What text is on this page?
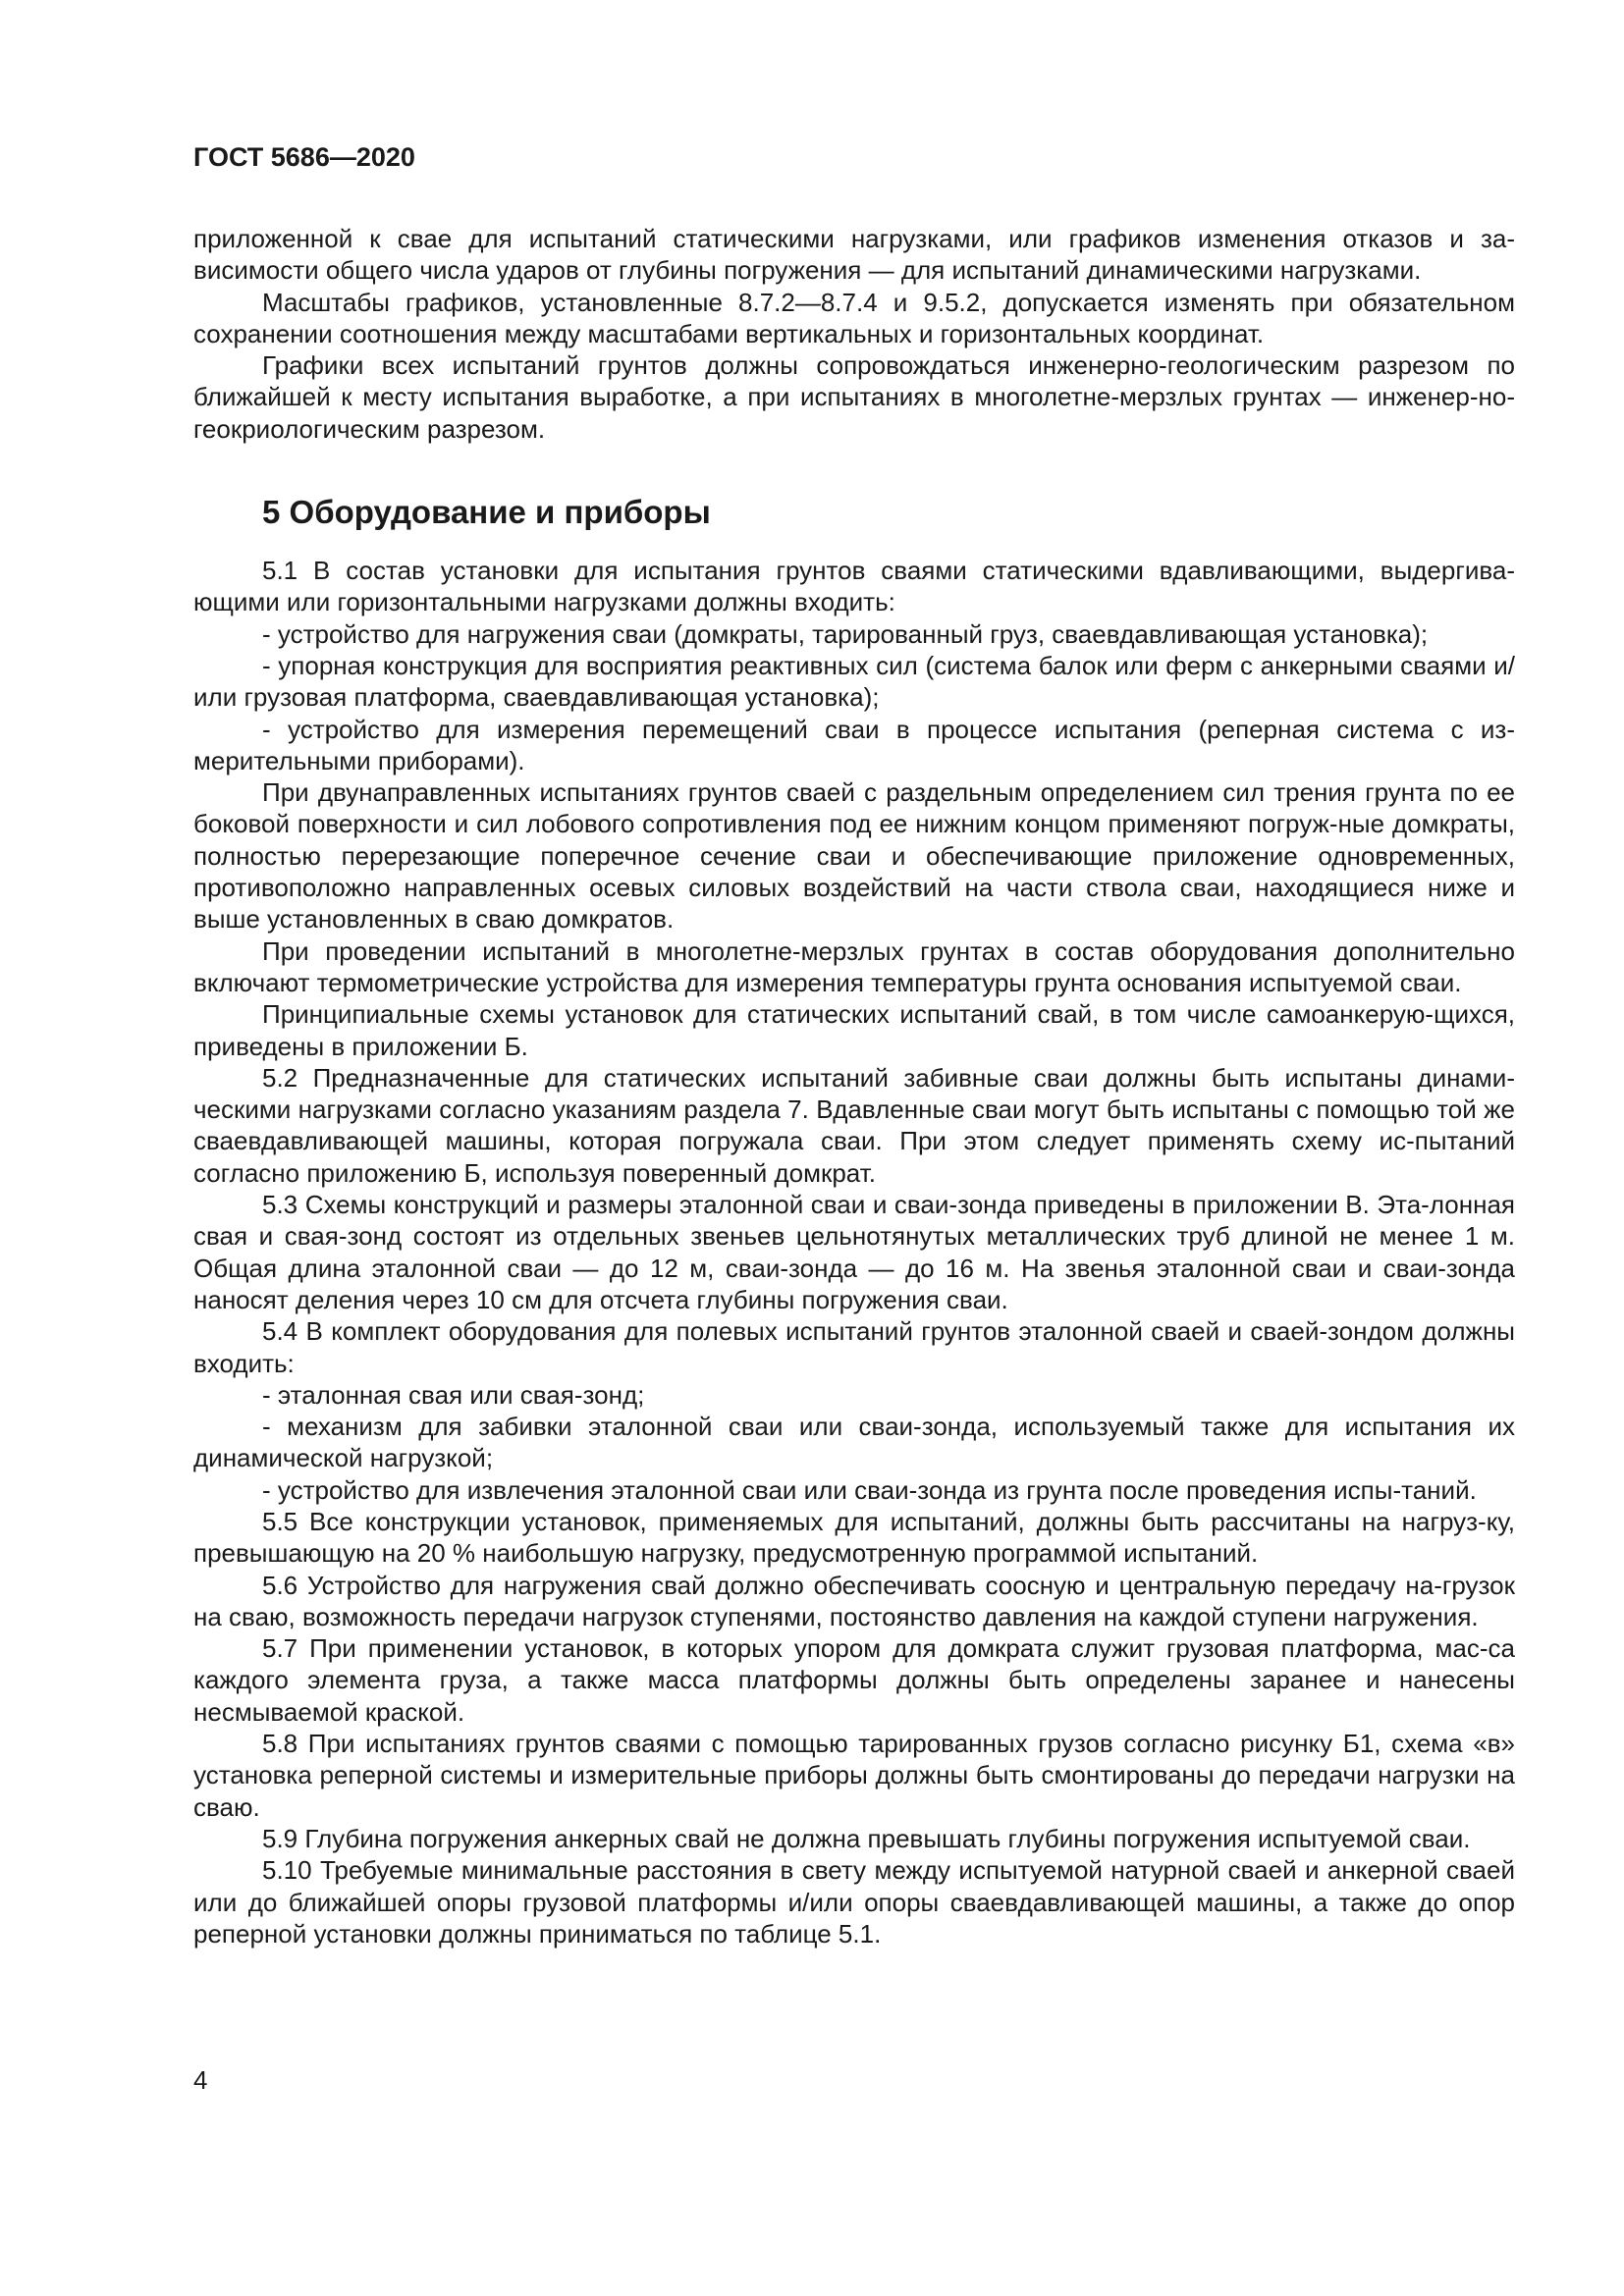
ГОСТ 5686—2020

приложенной к свае для испытаний статическими нагрузками, или графиков изменения отказов и за-висимости общего числа ударов от глубины погружения — для испытаний динамическими нагрузками.

Масштабы графиков, установленные 8.7.2—8.7.4 и 9.5.2, допускается изменять при обязательном сохранении соотношения между масштабами вертикальных и горизонтальных координат.

Графики всех испытаний грунтов должны сопровождаться инженерно-геологическим разрезом по ближайшей к месту испытания выработке, а при испытаниях в многолетне-мерзлых грунтах — инженер-но-геокриологическим разрезом.

5 Оборудование и приборы

5.1 В состав установки для испытания грунтов сваями статическими вдавливающими, выдергива-ющими или горизонтальными нагрузками должны входить:

- устройство для нагружения сваи (домкраты, тарированный груз, сваевдавливающая установка);

- упорная конструкция для восприятия реактивных сил (система балок или ферм с анкерными сваями и/или грузовая платформа, сваевдавливающая установка);

- устройство для измерения перемещений сваи в процессе испытания (реперная система с из-мерительными приборами).

При двунаправленных испытаниях грунтов сваей с раздельным определением сил трения грунта по ее боковой поверхности и сил лобового сопротивления под ее нижним концом применяют погруж-ные домкраты, полностью перерезающие поперечное сечение сваи и обеспечивающие приложение одновременных, противоположно направленных осевых силовых воздействий на части ствола сваи, находящиеся ниже и выше установленных в сваю домкратов.

При проведении испытаний в многолетне-мерзлых грунтах в состав оборудования дополнительно включают термометрические устройства для измерения температуры грунта основания испытуемой сваи.

Принципиальные схемы установок для статических испытаний свай, в том числе самоанкерую-щихся, приведены в приложении Б.

5.2 Предназначенные для статических испытаний забивные сваи должны быть испытаны динами-ческими нагрузками согласно указаниям раздела 7. Вдавленные сваи могут быть испытаны с помощью той же сваевдавливающей машины, которая погружала сваи. При этом следует применять схему ис-пытаний согласно приложению Б, используя поверенный домкрат.

5.3 Схемы конструкций и размеры эталонной сваи и сваи-зонда приведены в приложении В. Эта-лонная свая и свая-зонд состоят из отдельных звеньев цельнотянутых металлических труб длиной не менее 1 м. Общая длина эталонной сваи — до 12 м, сваи-зонда — до 16 м. На звенья эталонной сваи и сваи-зонда наносят деления через 10 см для отсчета глубины погружения сваи.

5.4 В комплект оборудования для полевых испытаний грунтов эталонной сваей и сваей-зондом должны входить:

- эталонная свая или свая-зонд;

- механизм для забивки эталонной сваи или сваи-зонда, используемый также для испытания их динамической нагрузкой;

- устройство для извлечения эталонной сваи или сваи-зонда из грунта после проведения испы-таний.

5.5 Все конструкции установок, применяемых для испытаний, должны быть рассчитаны на нагруз-ку, превышающую на 20 % наибольшую нагрузку, предусмотренную программой испытаний.

5.6 Устройство для нагружения свай должно обеспечивать соосную и центральную передачу на-грузок на сваю, возможность передачи нагрузок ступенями, постоянство давления на каждой ступени нагружения.

5.7 При применении установок, в которых упором для домкрата служит грузовая платформа, мас-са каждого элемента груза, а также масса платформы должны быть определены заранее и нанесены несмываемой краской.

5.8 При испытаниях грунтов сваями с помощью тарированных грузов согласно рисунку Б1, схема «в» установка реперной системы и измерительные приборы должны быть смонтированы до передачи нагрузки на сваю.

5.9 Глубина погружения анкерных свай не должна превышать глубины погружения испытуемой сваи.

5.10 Требуемые минимальные расстояния в свету между испытуемой натурной сваей и анкерной сваей или до ближайшей опоры грузовой платформы и/или опоры сваевдавливающей машины, а также до опор реперной установки должны приниматься по таблице 5.1.

4
